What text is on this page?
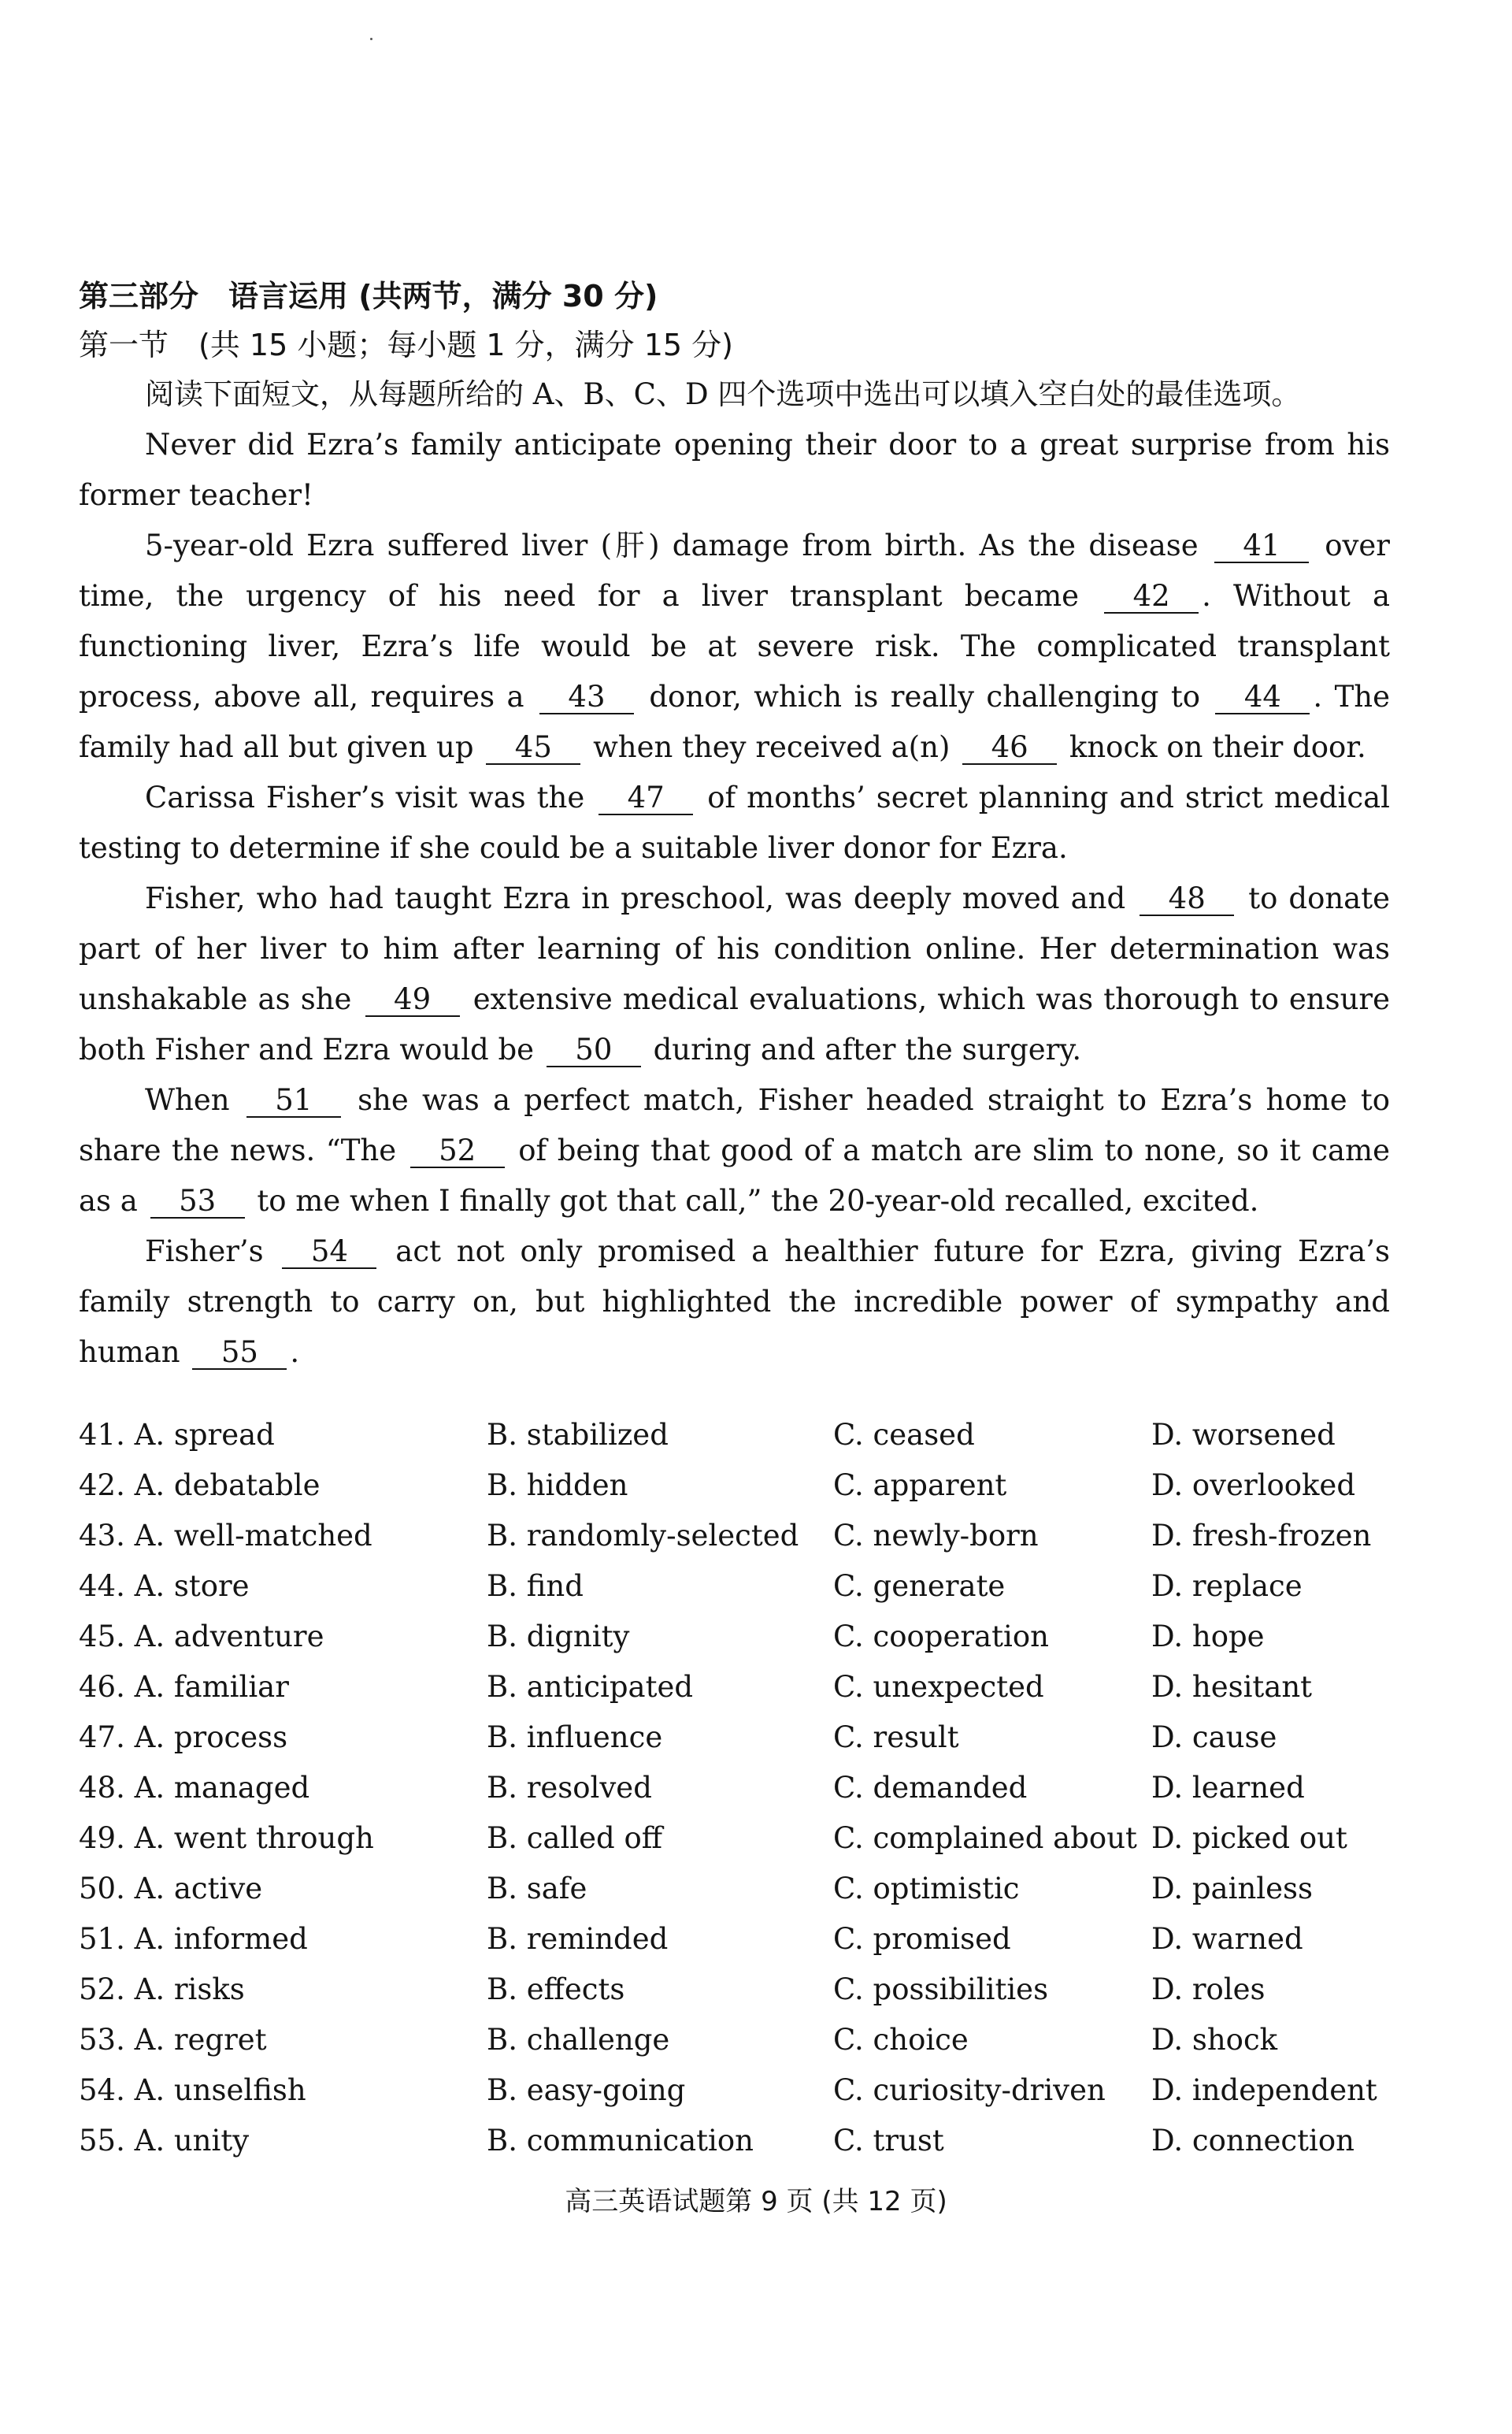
第三部分　语言运用 (共两节，满分 30 分)

第一节　(共 15 小题；每小题 1 分，满分 15 分)

阅读下面短文，从每题所给的 A、B、C、D 四个选项中选出可以填入空白处的最佳选项。

Never did Ezra’s family anticipate opening their door to a great surprise from his former teacher!

5-year-old Ezra suffered liver (肝) damage from birth. As the disease 41 over time, the urgency of his need for a liver transplant became 42 . Without a functioning liver, Ezra’s life would be at severe risk. The complicated transplant process, above all, requires a 43 donor, which is really challenging to 44 . The family had all but given up 45 when they received a(n) 46 knock on their door.

Carissa Fisher’s visit was the 47 of months’ secret planning and strict medical testing to determine if she could be a suitable liver donor for Ezra.

Fisher, who had taught Ezra in preschool, was deeply moved and 48 to donate part of her liver to him after learning of his condition online. Her determination was unshakable as she 49 extensive medical evaluations, which was thorough to ensure both Fisher and Ezra would be 50 during and after the surgery.

When 51 she was a perfect match, Fisher headed straight to Ezra’s home to share the news. “The 52 of being that good of a match are slim to none, so it came as a 53 to me when I finally got that call,” the 20-year-old recalled, excited.

Fisher’s 54 act not only promised a healthier future for Ezra, giving Ezra’s family strength to carry on, but highlighted the incredible power of sympathy and human 55 .

41. A. spread	B. stabilized	C. ceased	D. worsened
42. A. debatable	B. hidden	C. apparent	D. overlooked
43. A. well-matched	B. randomly-selected C. newly-born	D. fresh-frozen
44. A. store	B. find	C. generate	D. replace
45. A. adventure	B. dignity	C. cooperation	D. hope
46. A. familiar	B. anticipated	C. unexpected	D. hesitant
47. A. process	B. influence	C. result	D. cause
48. A. managed	B. resolved	C. demanded	D. learned
49. A. went through	B. called off	C. complained about D. picked out
50. A. active	B. safe	C. optimistic	D. painless
51. A. informed	B. reminded	C. promised	D. warned
52. A. risks	B. effects	C. possibilities	D. roles
53. A. regret	B. challenge	C. choice	D. shock
54. A. unselfish	B. easy-going	C. curiosity-driven D. independent
55. A. unity	B. communication	C. trust	D. connection
高三英语试题第 9 页 (共 12 页)
